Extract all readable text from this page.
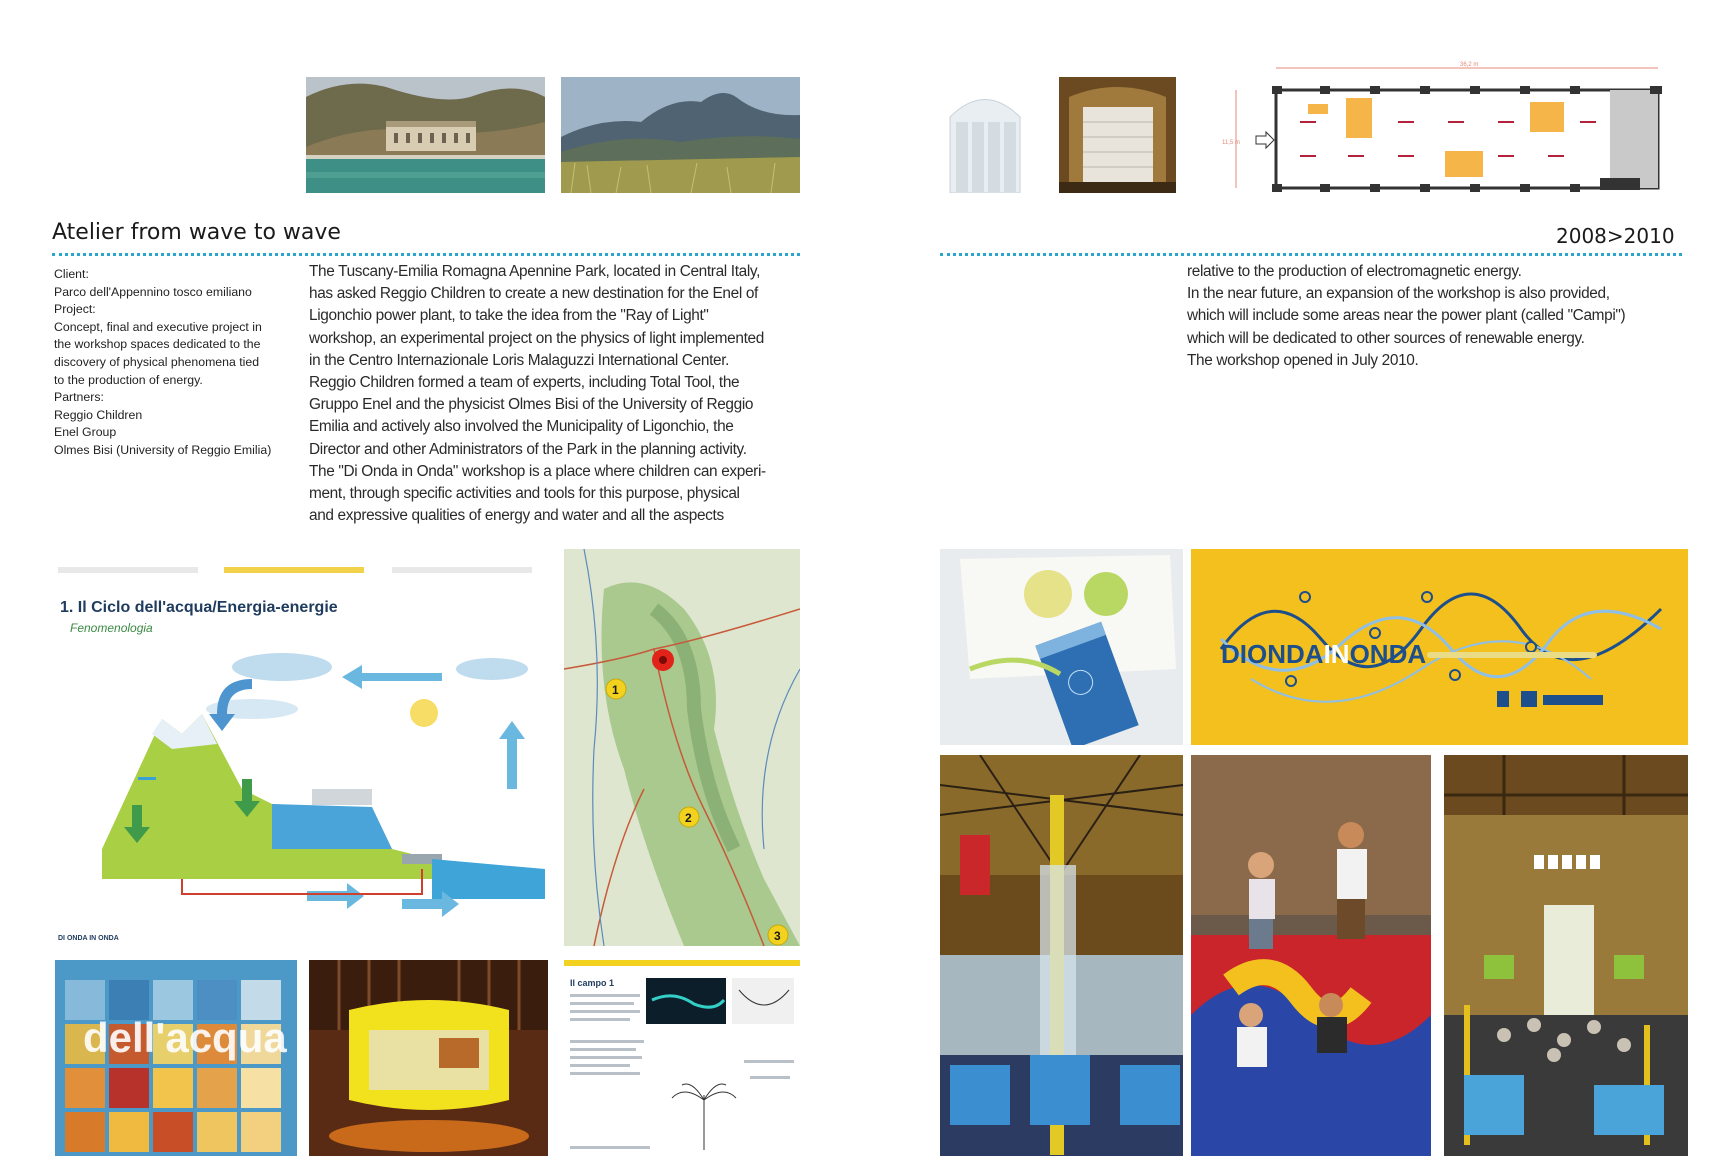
36,2 m
11,5 m
Atelier from wave to wave	2008>2010
Client:
Parco dell'Appennino tosco emiliano
Project:
Concept, final and executive project in
the workshop spaces dedicated to the
discovery of physical phenomena tied
to the production of energy.
Partners:
Reggio Children
Enel Group
Olmes Bisi (University of Reggio Emilia)
The Tuscany-Emilia Romagna Apennine Park, located in Central Italy,
has asked Reggio Children to create a new destination for the Enel of
Ligonchio power plant, to take the idea from the "Ray of Light"
workshop, an experimental project on the physics of light implemented
in the Centro Internazionale Loris Malaguzzi International Center.
Reggio Children formed a team of experts, including Total Tool, the
Gruppo Enel and the physicist Olmes Bisi of the University of Reggio
Emilia and actively also involved the Municipality of Ligonchio, the
Director and other Administrators of the Park in the planning activity.
The "Di Onda in Onda" workshop is a place where children can experi-
ment, through specific activities and tools for this purpose, physical
and expressive qualities of energy and water and all the aspects
relative to the production of electromagnetic energy.
In the near future, an expansion of the workshop is also provided,
which will include some areas near the power plant (called "Campi")
which will be dedicated to other sources of renewable energy.
The workshop opened in July 2010.
1. Il Ciclo dell'acqua/Energia-energie
Fenomenologia
DI ONDA IN ONDA
1
2
3
dell'acqua
Il campo 1
DIONDAINONDA
